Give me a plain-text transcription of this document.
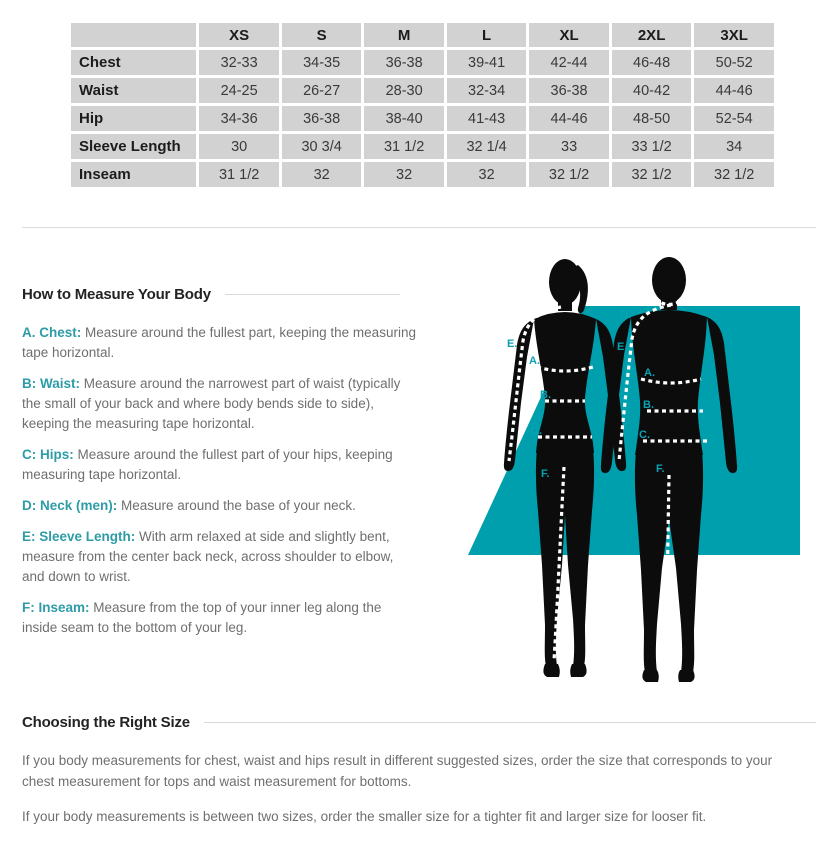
	XS	S	M	L	XL	2XL	3XL
Chest	32-33	34-35	36-38	39-41	42-44	46-48	50-52
Waist	24-25	26-27	28-30	32-34	36-38	40-42	44-46
Hip	34-36	36-38	38-40	41-43	44-46	48-50	52-54
Sleeve Length	30	30 3/4	31 1/2	32 1/4	33	33 1/2	34
Inseam	31 1/2	32	32	32	32 1/2	32 1/2	32 1/2
How to Measure Your Body

A. Chest: Measure around the fullest part, keeping the measuring tape horizontal.

B: Waist: Measure around the narrowest part of waist (typically the small of your back and where body bends side to side), keeping the measuring tape horizontal.

C: Hips: Measure around the fullest part of your hips, keeping measuring tape horizontal.

D: Neck (men): Measure around the base of your neck.

E: Sleeve Length: With arm relaxed at side and slightly bent, measure from the center back neck, across shoulder to elbow, and down to wrist.

F: Inseam: Measure from the top of your inner leg along the inside seam to the bottom of your leg.

E.
A.
B.
C.
F.
D.
E.
A.
B.
C.
F.
Choosing the Right Size

If you body measurements for chest, waist and hips result in different suggested sizes, order the size that corresponds to your chest measurement for tops and waist measurement for bottoms.

If your body measurements is between two sizes, order the smaller size for a tighter fit and larger size for looser fit.
